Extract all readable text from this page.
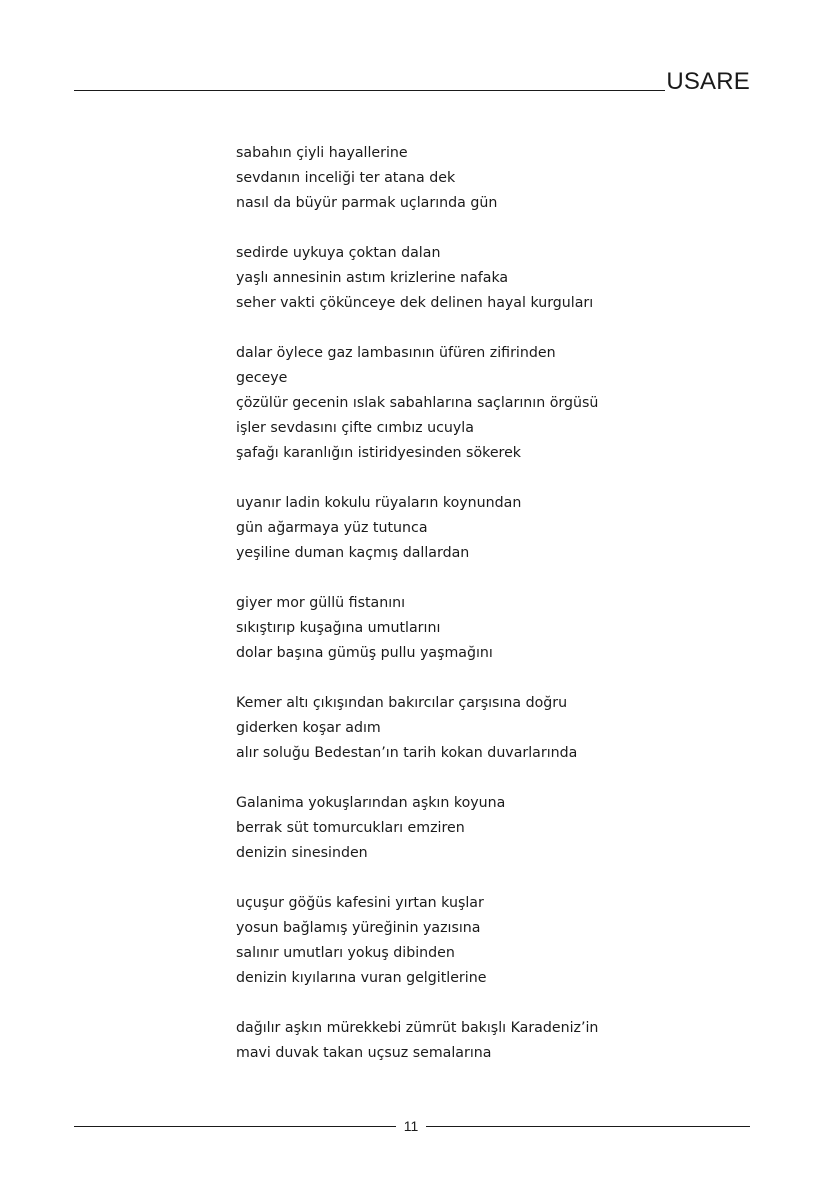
USARE
sabahın çiyli hayallerine
sevdanın inceliği ter atana dek
nasıl da büyür parmak uçlarında gün
sedirde uykuya çoktan dalan
yaşlı annesinin astım krizlerine nafaka
seher vakti çökünceye dek delinen hayal kurguları
dalar öylece gaz lambasının üfüren zifirinden
geceye
çözülür gecenin ıslak sabahlarına saçlarının örgüsü
işler sevdasını çifte cımbız ucuyla
şafağı karanlığın istiridyesinden sökerek
uyanır ladin kokulu rüyaların koynundan
gün ağarmaya yüz tutunca
yeşiline duman kaçmış dallardan
giyer mor güllü fistanını
sıkıştırıp kuşağına umutlarını
dolar başına gümüş pullu yaşmağını
Kemer altı çıkışından bakırcılar çarşısına doğru
giderken koşar adım
alır soluğu Bedestan’ın tarih kokan duvarlarında
Galanima yokuşlarından aşkın koyuna
berrak süt tomurcukları emziren
denizin sinesinden
uçuşur göğüs kafesini yırtan kuşlar
yosun bağlamış yüreğinin yazısına
salınır umutları yokuş dibinden
denizin kıyılarına vuran gelgitlerine
dağılır aşkın mürekkebi zümrüt bakışlı Karadeniz’in
mavi duvak takan uçsuz semalarına
11
